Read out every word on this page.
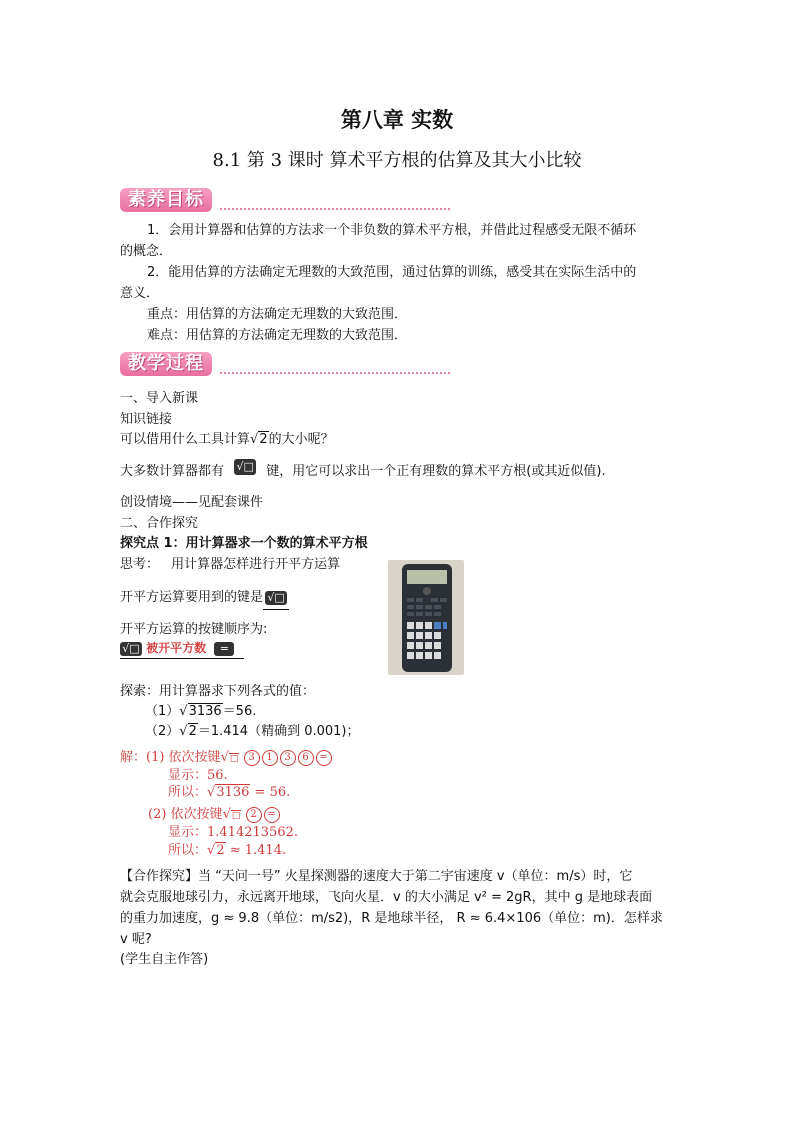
第八章 实数
8.1 第 3 课时 算术平方根的估算及其大小比较
素养目标
1．会用计算器和估算的方法求一个非负数的算术平方根，并借此过程感受无限不循环
的概念．
2．能用估算的方法确定无理数的大致范围，通过估算的训练，感受其在实际生活中的
意义．
重点：用估算的方法确定无理数的大致范围．
难点：用估算的方法确定无理数的大致范围．
教学过程
一、导入新课
知识链接
可以借用什么工具计算√2的大小呢？
大多数计算器都有 √□ 键，用它可以求出一个正有理数的算术平方根(或其近似值).
创设情境——见配套课件
二、合作探究
探究点 1：用计算器求一个数的算术平方根
思考： 用计算器怎样进行开平方运算
开平方运算要用到的键是 √□
开平方运算的按键顺序为:
√□ 被开平方数 =
探索：用计算器求下列各式的值：
（1）√3136＝56.
（2）√2＝1.414（精确到 0.001)；
解：(1) 依次按键√□ 3 1 3 6 =
显示：56.
所以：√3136 = 56.
(2) 依次按键√□ 2 =
显示：1.414213562.
所以：√2 ≈ 1.414.
【合作探究】当 “天问一号” 火星探测器的速度大于第二宇宙速度 v（单位：m/s）时，它
就会克服地球引力，永远离开地球，飞向火星．v 的大小满足 v² = 2gR，其中 g 是地球表面
的重力加速度，g ≈ 9.8（单位：m/s2)，R 是地球半径， R ≈ 6.4×106（单位：m)．怎样求
v 呢?
(学生自主作答)
